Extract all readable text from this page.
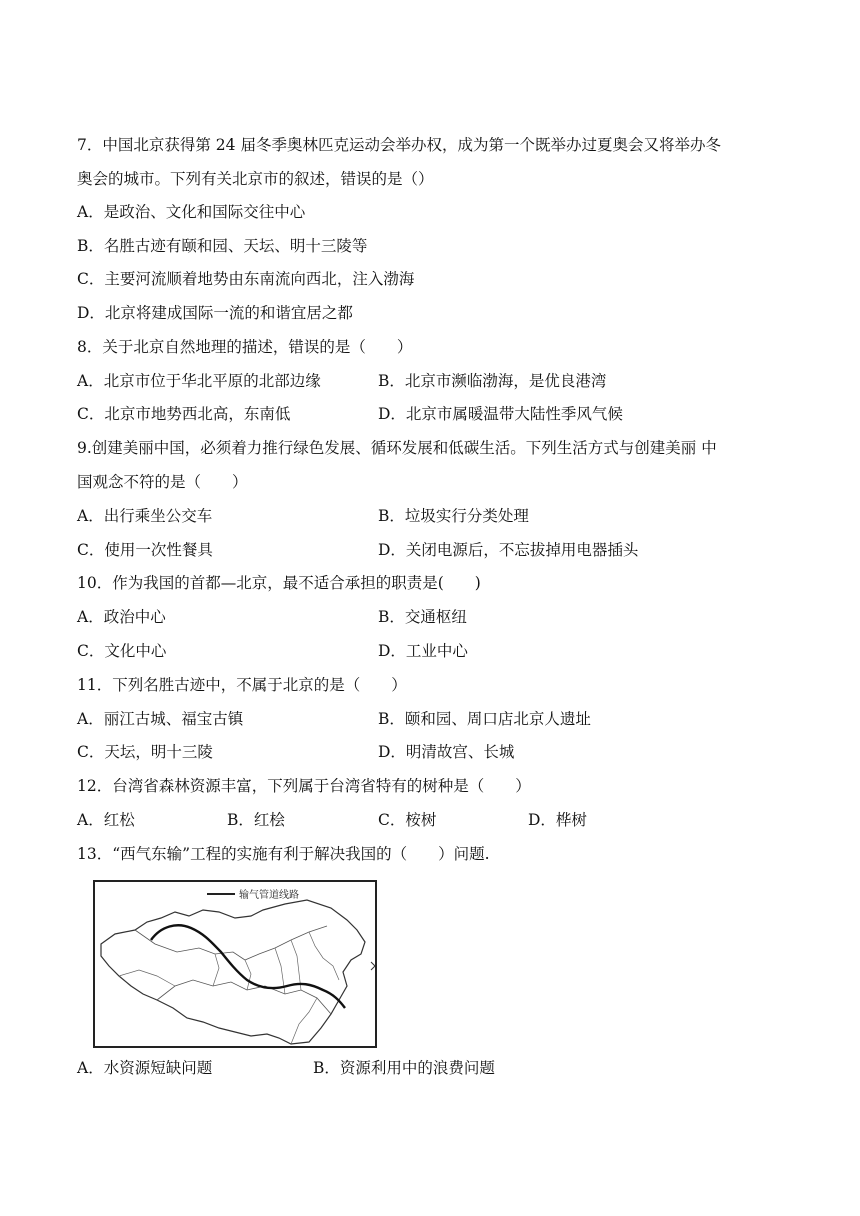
7．中国北京获得第 24 届冬季奥林匹克运动会举办权，成为第一个既举办过夏奥会又将举办冬
奥会的城市。下列有关北京市的叙述，错误的是（）
A．是政治、文化和国际交往中心
B．名胜古迹有颐和园、天坛、明十三陵等
C．主要河流顺着地势由东南流向西北，注入渤海
D．北京将建成国际一流的和谐宜居之都
8．关于北京自然地理的描述，错误的是（　　）
A．北京市位于华北平原的北部边缘	B．北京市濒临渤海，是优良港湾
C．北京市地势西北高，东南低	D．北京市属暖温带大陆性季风气候
9.创建美丽中国，必须着力推行绿色发展、循环发展和低碳生活。下列生活方式与创建美丽 中
国观念不符的是（　　）
A．出行乘坐公交车	B．垃圾实行分类处理
C．使用一次性餐具	D．关闭电源后，不忘拔掉用电器插头
10．作为我国的首都—北京，最不适合承担的职责是(　　)
A．政治中心	B．交通枢纽
C．文化中心	D．工业中心
11．下列名胜古迹中，不属于北京的是（　　）
A．丽江古城、福宝古镇	B．颐和园、周口店北京人遗址
C．天坛，明十三陵	D．明清故宫、长城
12．台湾省森林资源丰富，下列属于台湾省特有的树种是（　　）
A．红松	B．红桧	C．桉树	D．桦树
13．“西气东输”工程的实施有利于解决我国的（　　）问题.
输气管道线路
A．水资源短缺问题	B．资源利用中的浪费问题
